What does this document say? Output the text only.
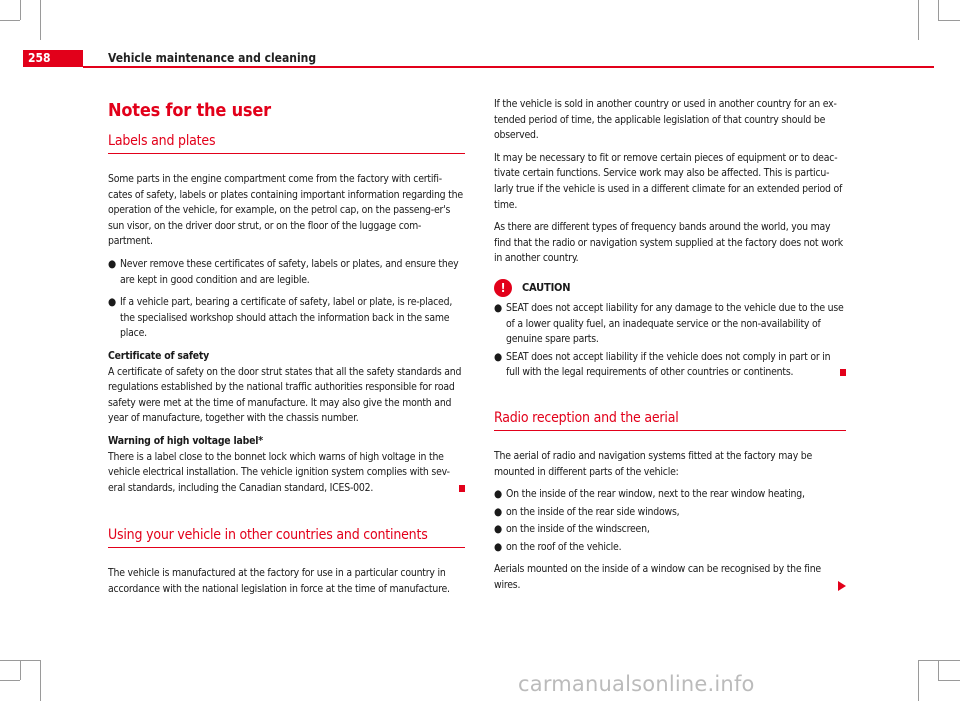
258	Vehicle maintenance and cleaning

Notes for the user

Labels and plates

Some parts in the engine compartment come from the factory with certifi-cates of safety, labels or plates containing important information regarding the operation of the vehicle, for example, on the petrol cap, on the passeng-er's sun visor, on the driver door strut, or on the floor of the luggage com-partment.

● Never remove these certificates of safety, labels or plates, and ensure they are kept in good condition and are legible.

● If a vehicle part, bearing a certificate of safety, label or plate, is re-placed, the specialised workshop should attach the information back in the same place.

Certificate of safety

A certificate of safety on the door strut states that all the safety standards and regulations established by the national traffic authorities responsible for road safety were met at the time of manufacture. It may also give the month and year of manufacture, together with the chassis number.

Warning of high voltage label*

There is a label close to the bonnet lock which warns of high voltage in the vehicle electrical installation. The vehicle ignition system complies with sev-eral standards, including the Canadian standard, ICES-002.

Using your vehicle in other countries and continents

The vehicle is manufactured at the factory for use in a particular country in accordance with the national legislation in force at the time of manufacture.

If the vehicle is sold in another country or used in another country for an ex-tended period of time, the applicable legislation of that country should be observed.

It may be necessary to fit or remove certain pieces of equipment or to deac-tivate certain functions. Service work may also be affected. This is particu-larly true if the vehicle is used in a different climate for an extended period of time.

As there are different types of frequency bands around the world, you may find that the radio or navigation system supplied at the factory does not work in another country.

!	CAUTION

● SEAT does not accept liability for any damage to the vehicle due to the use of a lower quality fuel, an inadequate service or the non-availability of genuine spare parts.

● SEAT does not accept liability if the vehicle does not comply in part or in full with the legal requirements of other countries or continents.

Radio reception and the aerial

The aerial of radio and navigation systems fitted at the factory may be mounted in different parts of the vehicle:

● On the inside of the rear window, next to the rear window heating,

● on the inside of the rear side windows,

● on the inside of the windscreen,

● on the roof of the vehicle.

Aerials mounted on the inside of a window can be recognised by the fine wires.

carmanualsonline.info
